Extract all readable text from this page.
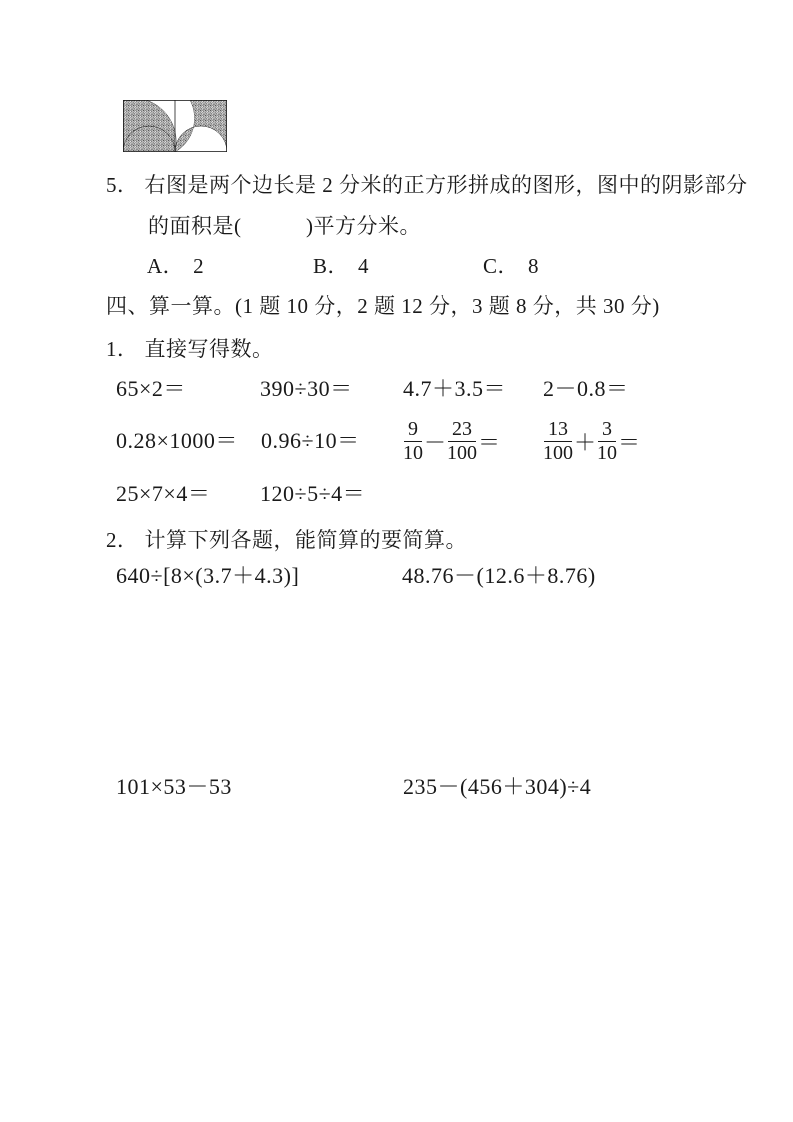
5． 右图是两个边长是 2 分米的正方形拼成的图形，图中的阴影部分
的面积是(　　　)平方分米。
A． 2	B． 4	C． 8
四、算一算。(1 题 10 分，2 题 12 分，3 题 8 分，共 30 分)
1． 直接写得数。
65×2＝	390÷30＝ 4.7＋3.5＝ 2－0.8＝
$0.28\times 1000= 0.96\div 10= \frac{9}{10} - \frac{23}{100} = \frac{13}{100} + \frac{3}{10}$ ＝
25×7×4＝ 120÷5÷4＝
2． 计算下列各题，能简算的要简算。
640÷[8×(3.7＋4.3)]	48.76－(12.6＋8.76)
101×53－53	235－(456＋304)÷4
